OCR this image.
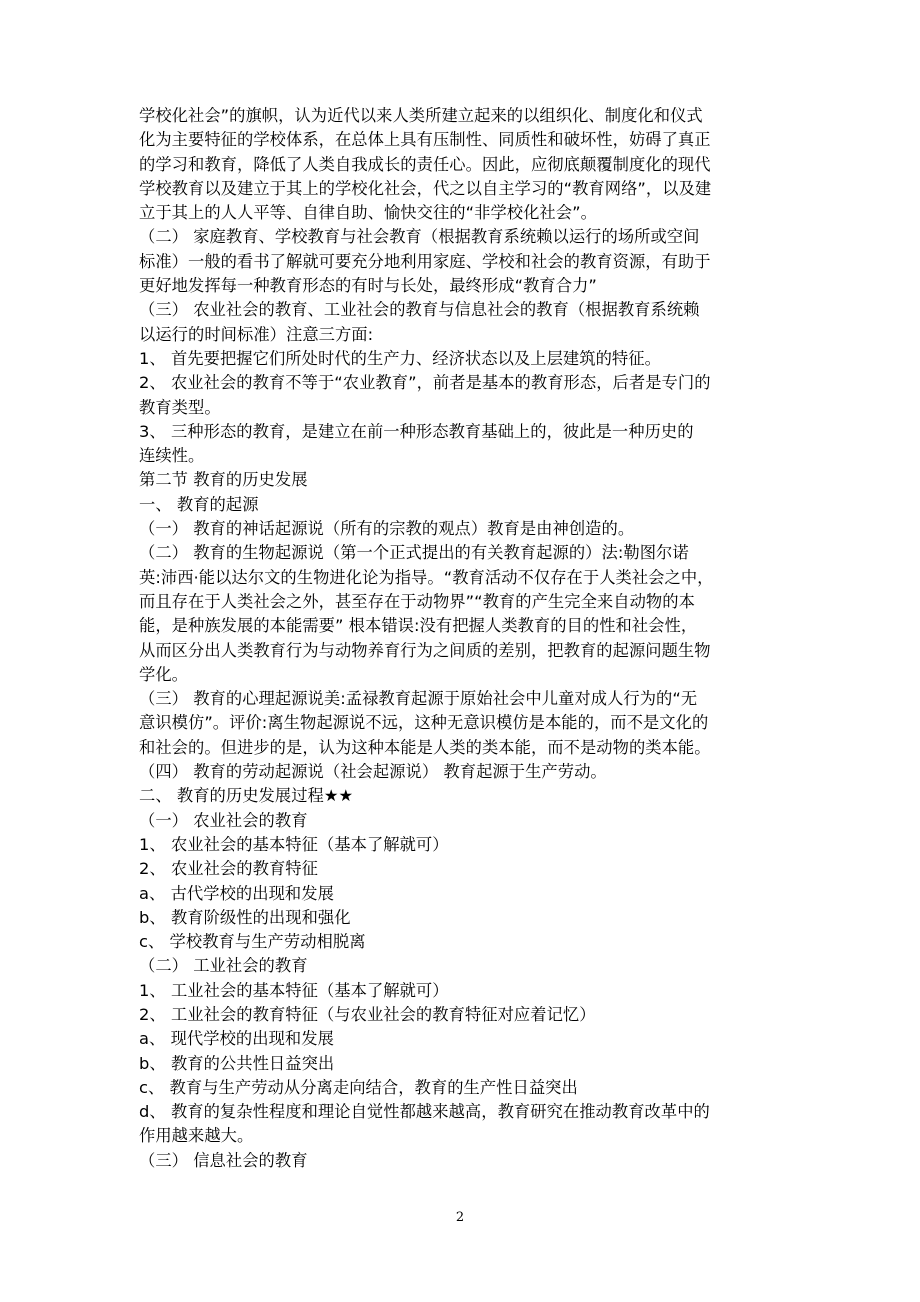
学校化社会”的旗帜，认为近代以来人类所建立起来的以组织化、制度化和仪式
化为主要特征的学校体系，在总体上具有压制性、同质性和破坏性，妨碍了真正
的学习和教育，降低了人类自我成长的责任心。因此，应彻底颠覆制度化的现代
学校教育以及建立于其上的学校化社会，代之以自主学习的“教育网络”，以及建
立于其上的人人平等、自律自助、愉快交往的“非学校化社会”。
（二） 家庭教育、学校教育与社会教育（根据教育系统赖以运行的场所或空间
标准）一般的看书了解就可要充分地利用家庭、学校和社会的教育资源，有助于
更好地发挥每一种教育形态的有时与长处，最终形成“教育合力”
（三） 农业社会的教育、工业社会的教育与信息社会的教育（根据教育系统赖
以运行的时间标准）注意三方面:
1、 首先要把握它们所处时代的生产力、经济状态以及上层建筑的特征。
2、 农业社会的教育不等于“农业教育”，前者是基本的教育形态，后者是专门的
教育类型。
3、 三种形态的教育，是建立在前一种形态教育基础上的，彼此是一种历史的
连续性。
第二节 教育的历史发展
一、 教育的起源
（一） 教育的神话起源说（所有的宗教的观点）教育是由神创造的。
（二） 教育的生物起源说（第一个正式提出的有关教育起源的）法:勒图尔诺
英:沛西·能以达尔文的生物进化论为指导。“教育活动不仅存在于人类社会之中，
而且存在于人类社会之外，甚至存在于动物界”“教育的产生完全来自动物的本
能，是种族发展的本能需要” 根本错误:没有把握人类教育的目的性和社会性，
从而区分出人类教育行为与动物养育行为之间质的差别，把教育的起源问题生物
学化。
（三） 教育的心理起源说美:孟禄教育起源于原始社会中儿童对成人行为的“无
意识模仿”。评价:离生物起源说不远，这种无意识模仿是本能的，而不是文化的
和社会的。但进步的是，认为这种本能是人类的类本能，而不是动物的类本能。
（四） 教育的劳动起源说（社会起源说） 教育起源于生产劳动。
二、 教育的历史发展过程★★
（一） 农业社会的教育
1、 农业社会的基本特征（基本了解就可）
2、 农业社会的教育特征
a、 古代学校的出现和发展
b、 教育阶级性的出现和强化
c、 学校教育与生产劳动相脱离
（二） 工业社会的教育
1、 工业社会的基本特征（基本了解就可）
2、 工业社会的教育特征（与农业社会的教育特征对应着记忆）
a、 现代学校的出现和发展
b、 教育的公共性日益突出
c、 教育与生产劳动从分离走向结合，教育的生产性日益突出
d、 教育的复杂性程度和理论自觉性都越来越高，教育研究在推动教育改革中的
作用越来越大。
（三） 信息社会的教育
2
